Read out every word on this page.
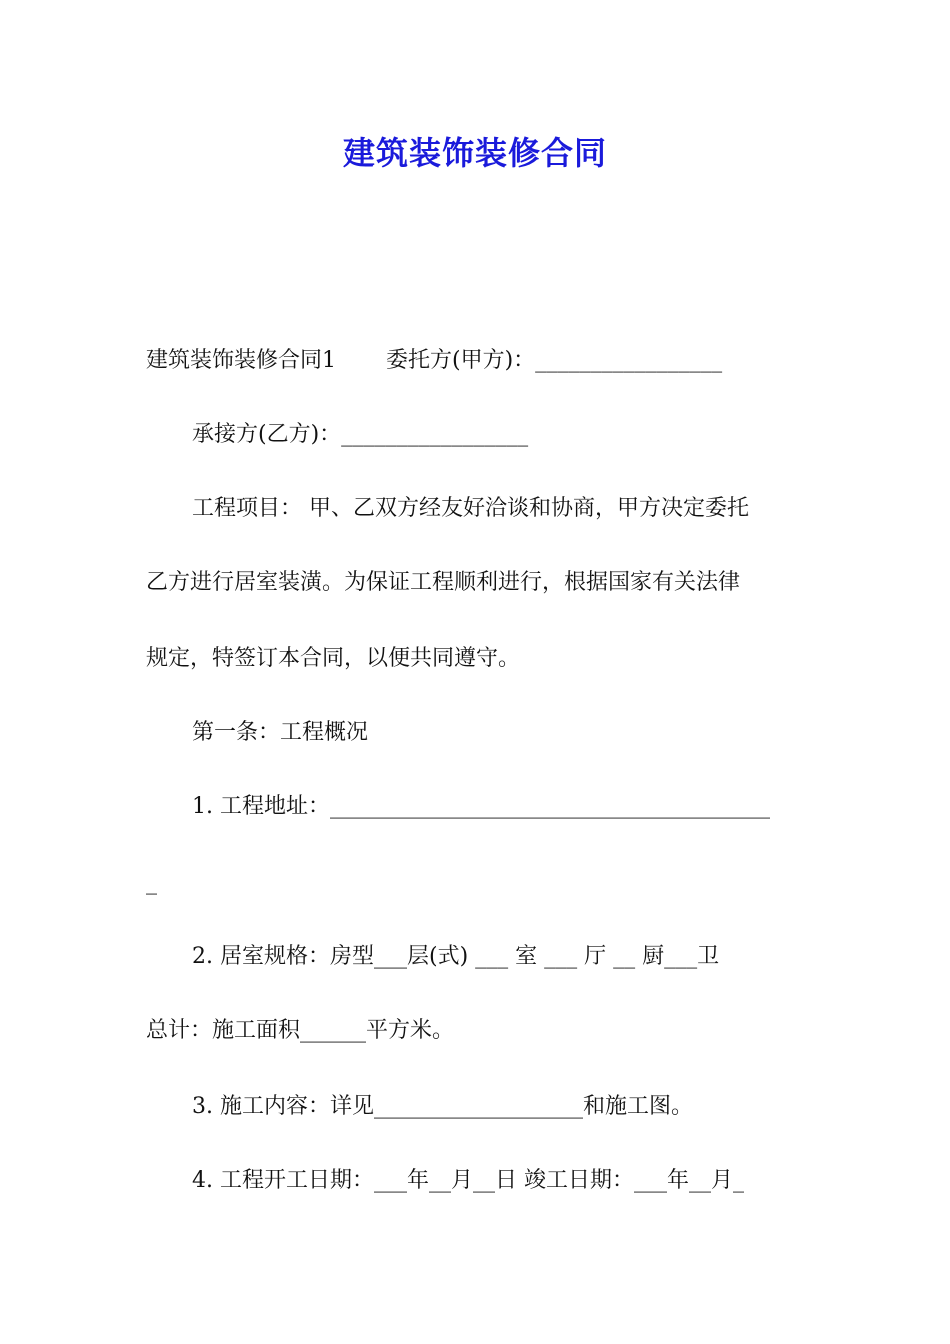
建筑装饰装修合同
建筑装饰装修合同1 委托方(甲方)：_________________
承接方(乙方)：_________________
工程项目： 甲、乙双方经友好洽谈和协商，甲方决定委托
乙方进行居室装潢。为保证工程顺利进行，根据国家有关法律
规定，特签订本合同，以便共同遵守。
第一条：工程概况
1. 工程地址：________________________________________
_
2. 居室规格：房型___层(式) ___ 室 ___ 厅 __ 厨___卫
总计：施工面积______平方米。
3. 施工内容：详见___________________和施工图。
4. 工程开工日期：___年__月__日 竣工日期：___年__月_
